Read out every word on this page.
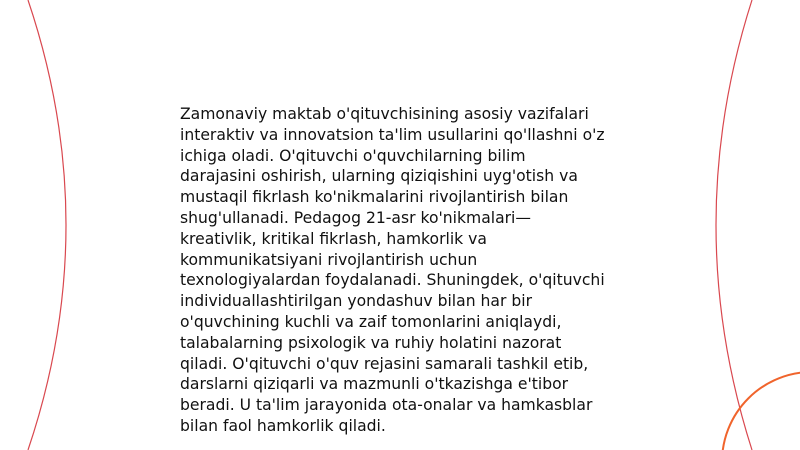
Zamonaviy maktab o'qituvchisining asosiy vazifalari
interaktiv va innovatsion ta'lim usullarini qo'llashni o'z
ichiga oladi. O'qituvchi o'quvchilarning bilim
darajasini oshirish, ularning qiziqishini uyg'otish va
mustaqil fikrlash ko'nikmalarini rivojlantirish bilan
shug'ullanadi. Pedagog 21-asr ko'nikmalari—
kreativlik, kritikal fikrlash, hamkorlik va
kommunikatsiyani rivojlantirish uchun
texnologiyalardan foydalanadi. Shuningdek, o'qituvchi
individuallashtirilgan yondashuv bilan har bir
o'quvchining kuchli va zaif tomonlarini aniqlaydi,
talabalarning psixologik va ruhiy holatini nazorat
qiladi. O'qituvchi o'quv rejasini samarali tashkil etib,
darslarni qiziqarli va mazmunli o'tkazishga e'tibor
beradi. U ta'lim jarayonida ota-onalar va hamkasblar
bilan faol hamkorlik qiladi.
